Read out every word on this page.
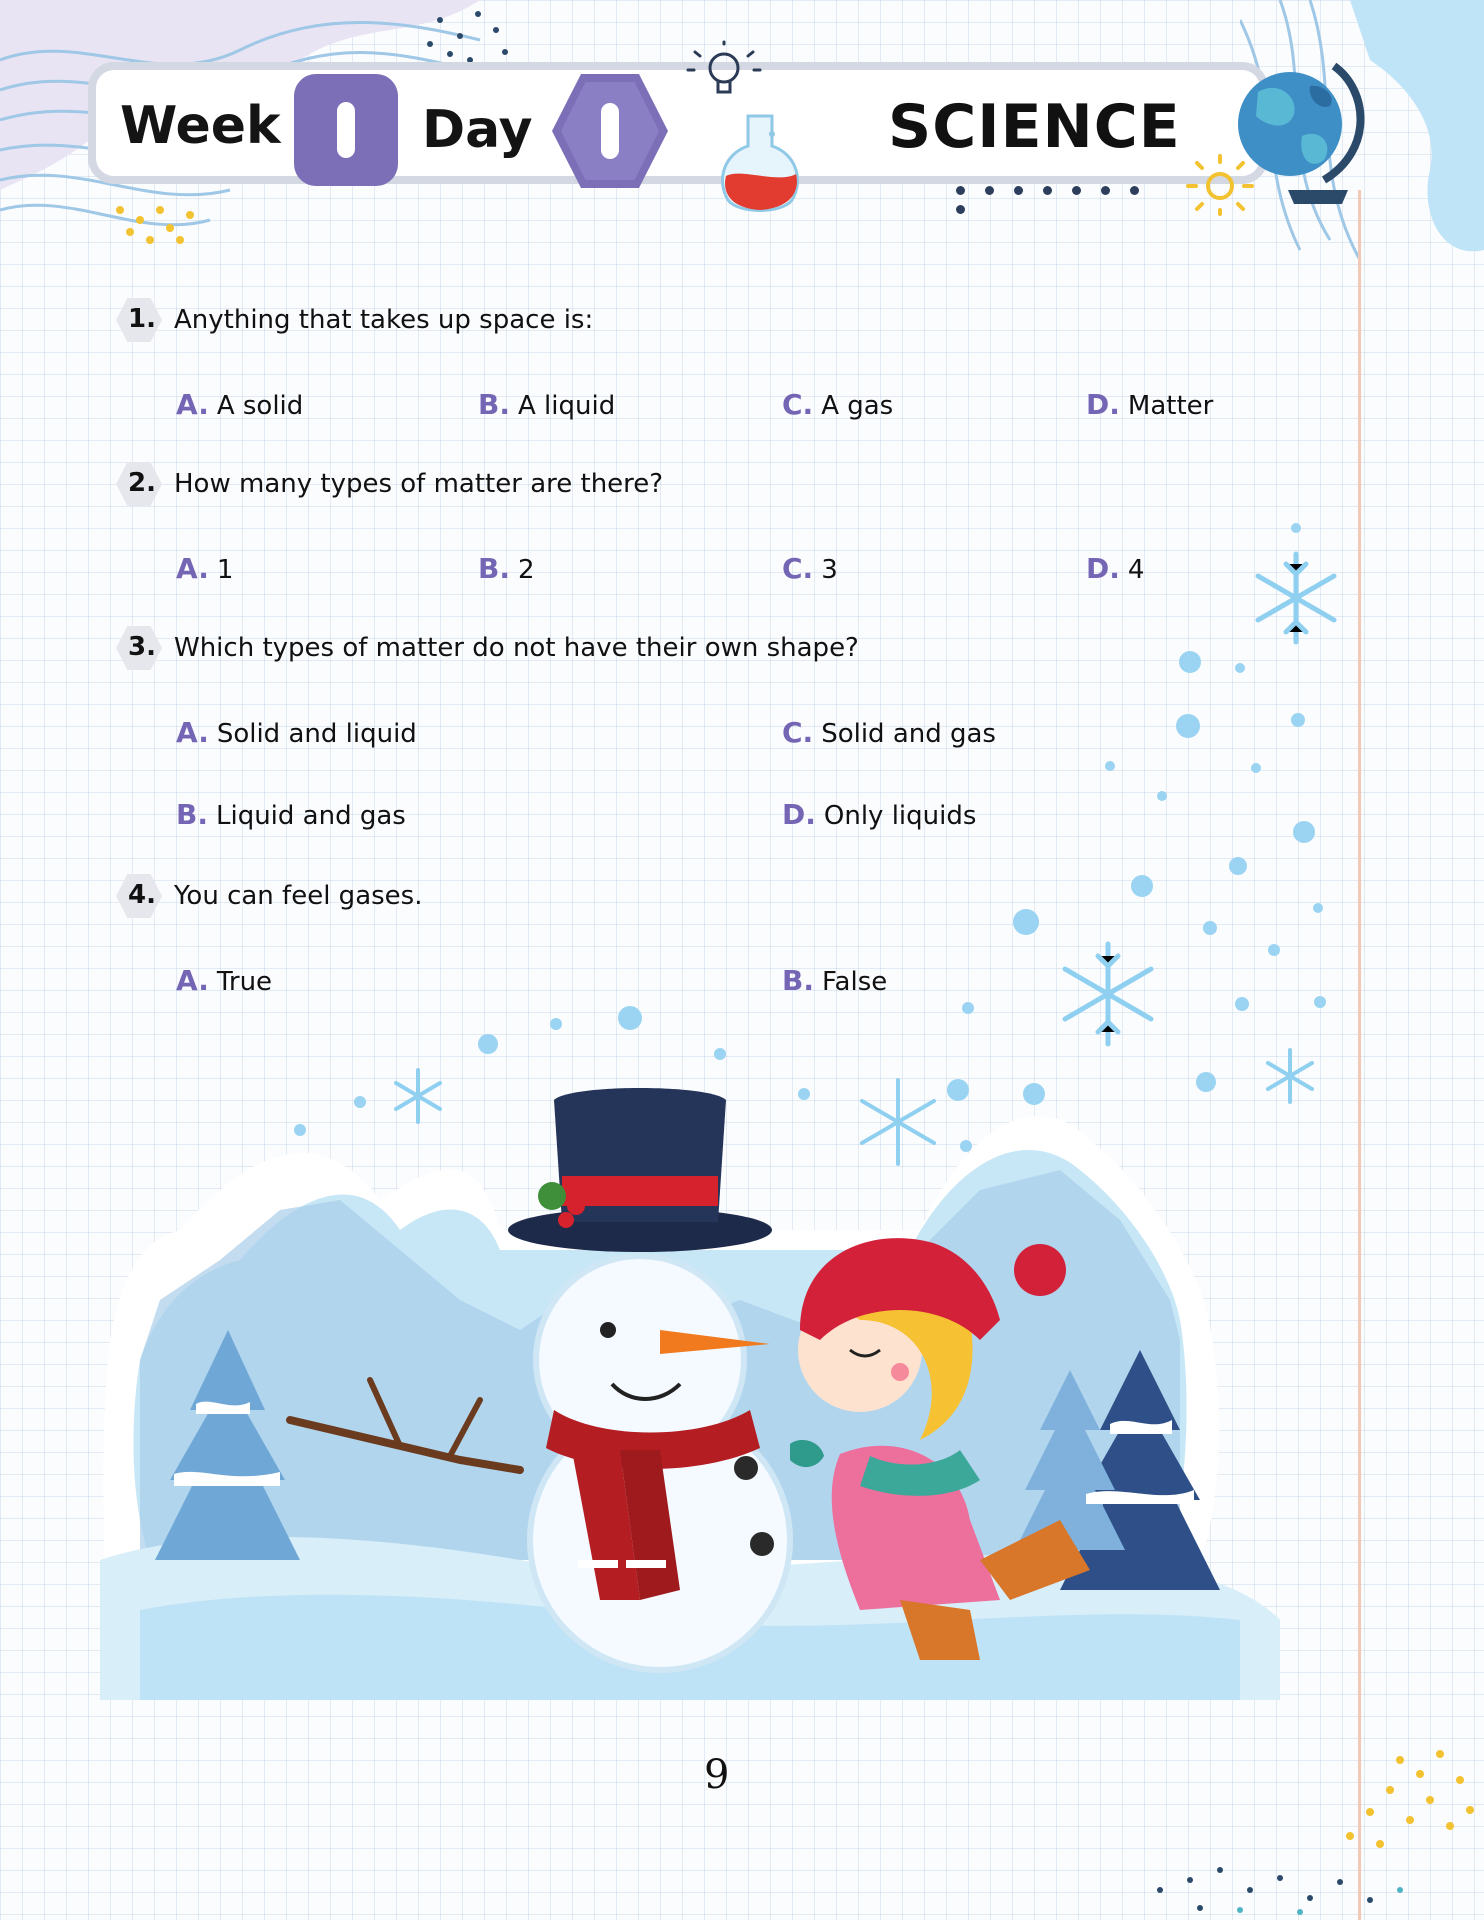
Week	Day	SCIENCE
1. Anything that takes up space is:
A. A solid	B. A liquid	C. A gas	D. Matter
2. How many types of matter are there?
A. 1	B. 2	C. 3	D. 4
3. Which types of matter do not have their own shape?
A. Solid and liquid	C. Solid and gas
B. Liquid and gas	D. Only liquids
4. You can feel gases.
A. True	B. False
9
